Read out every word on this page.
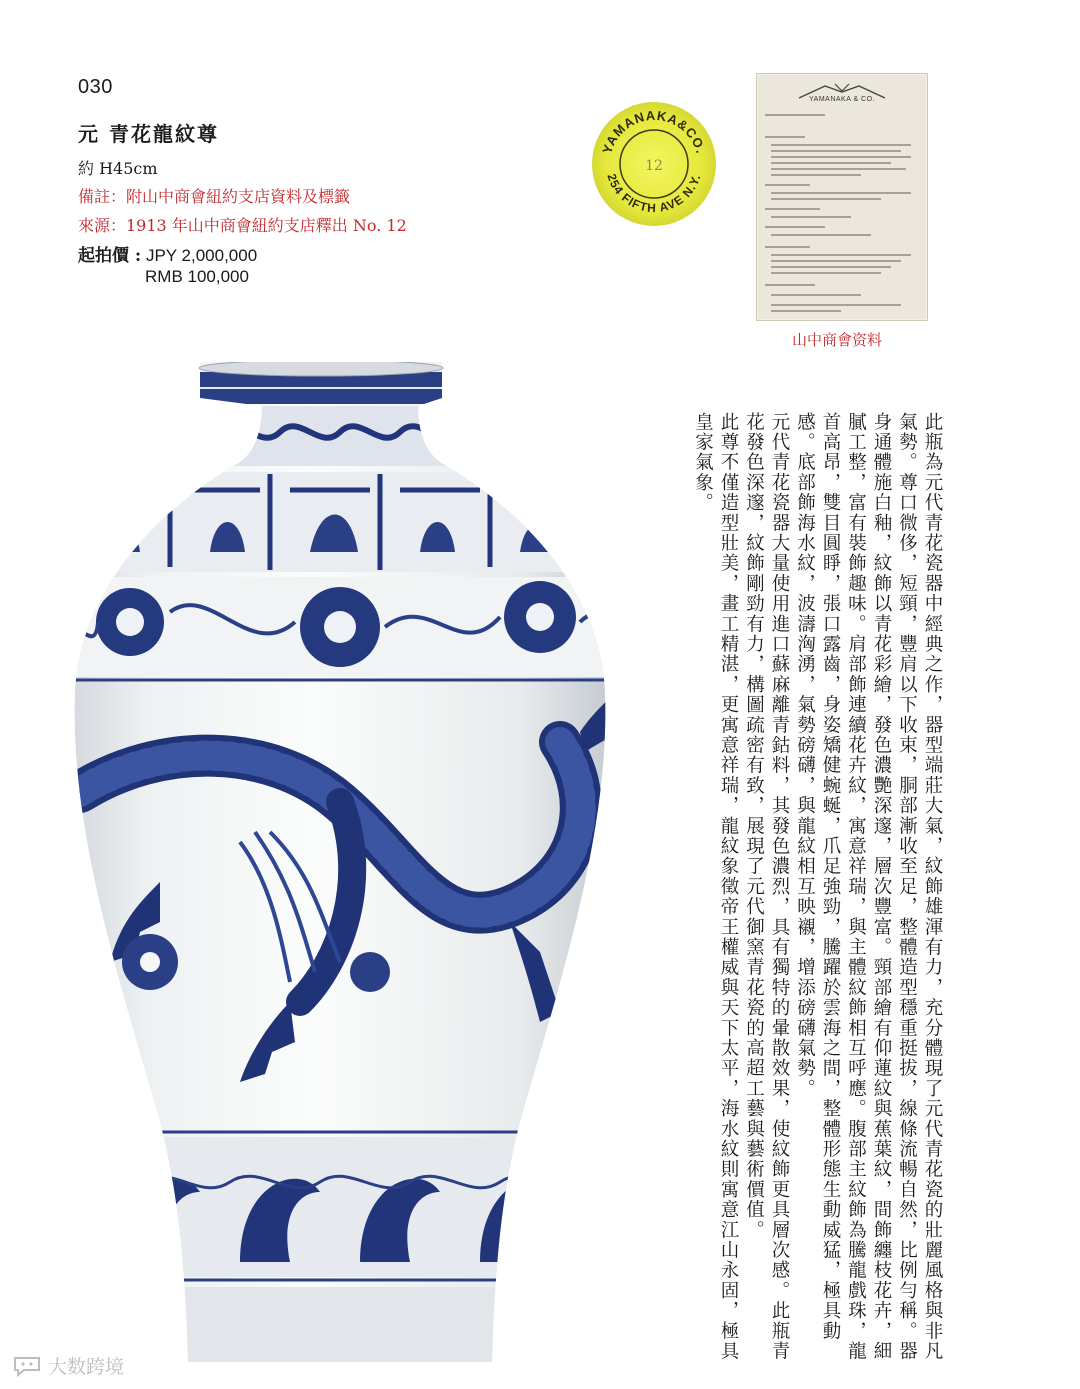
030
元 青花龍紋尊
約 H45cm
備註：附山中商會紐約支店資料及標籤
來源：1913 年山中商會紐約支店釋出 No. 12
起拍價 : JPY 2,000,000
RMB 100,000
YAMANAKA&CO.
254 FIFTH AVE N.Y.
12
YAMANAKA & CO.
山中商會资料

此瓶為元代青花瓷器中經典之作，器型端莊大氣，紋飾雄渾有力，充分體現了元代青花瓷的壯麗風格與非凡氣勢。尊口微侈，短頸，豐肩以下收束，胴部漸收至足，整體造型穩重挺拔，線條流暢自然，比例勻稱。器身通體施白釉，紋飾以青花彩繪，發色濃艷深邃，層次豐富。頸部繪有仰蓮紋與蕉葉紋，間飾纏枝花卉，細膩工整，富有裝飾趣味。肩部飾連續花卉紋，寓意祥瑞，與主體紋飾相互呼應。腹部主紋飾為騰龍戲珠，龍首高昂，雙目圓睜，張口露齒，身姿矯健蜿蜒，爪足強勁，騰躍於雲海之間，整體形態生動威猛，極具動感。底部飾海水紋，波濤洶湧，氣勢磅礴，與龍紋相互映襯，增添磅礴氣勢。

元代青花瓷器大量使用進口蘇麻離青鈷料，其發色濃烈，具有獨特的暈散效果，使紋飾更具層次感。此瓶青花發色深邃，紋飾剛勁有力，構圖疏密有致，展現了元代御窯青花瓷的高超工藝與藝術價值。

此尊不僅造型壯美，畫工精湛，更寓意祥瑞，龍紋象徵帝王權威與天下太平，海水紋則寓意江山永固，極具皇家氣象。

大数跨境
